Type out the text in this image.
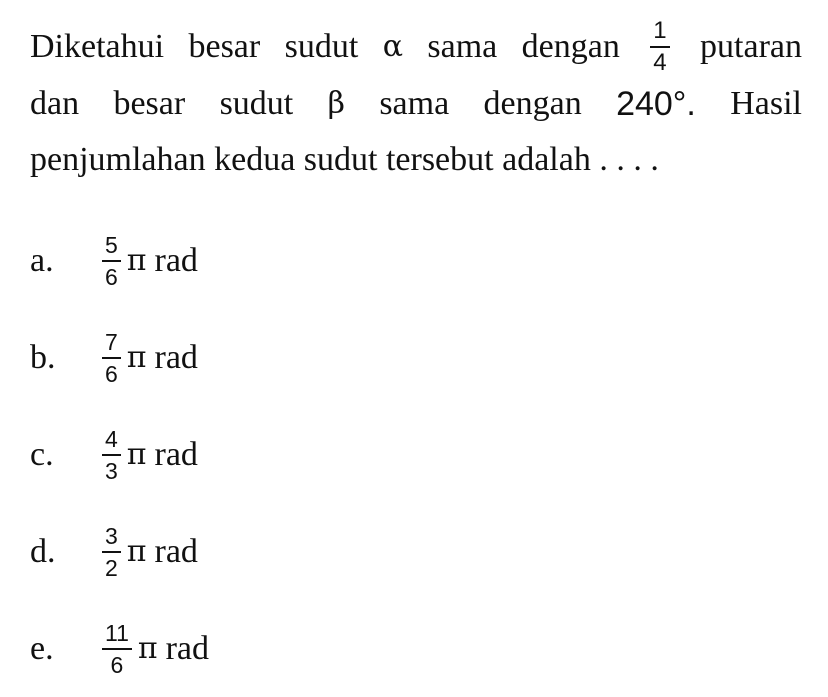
Diketahui besar sudut α sama dengan $\frac{1}{4}$ putaran
dan besar sudut β sama dengan 240°. Hasil
penjumlahan kedua sudut tersebut adalah . . . .
a.	$\frac{5}{6}$ π rad
b.	$\frac{7}{6}$ π rad
c.	$\frac{4}{3}$ π rad
d.	$\frac{3}{2}$ π rad
e.	$\frac{11}{6}$ π rad
